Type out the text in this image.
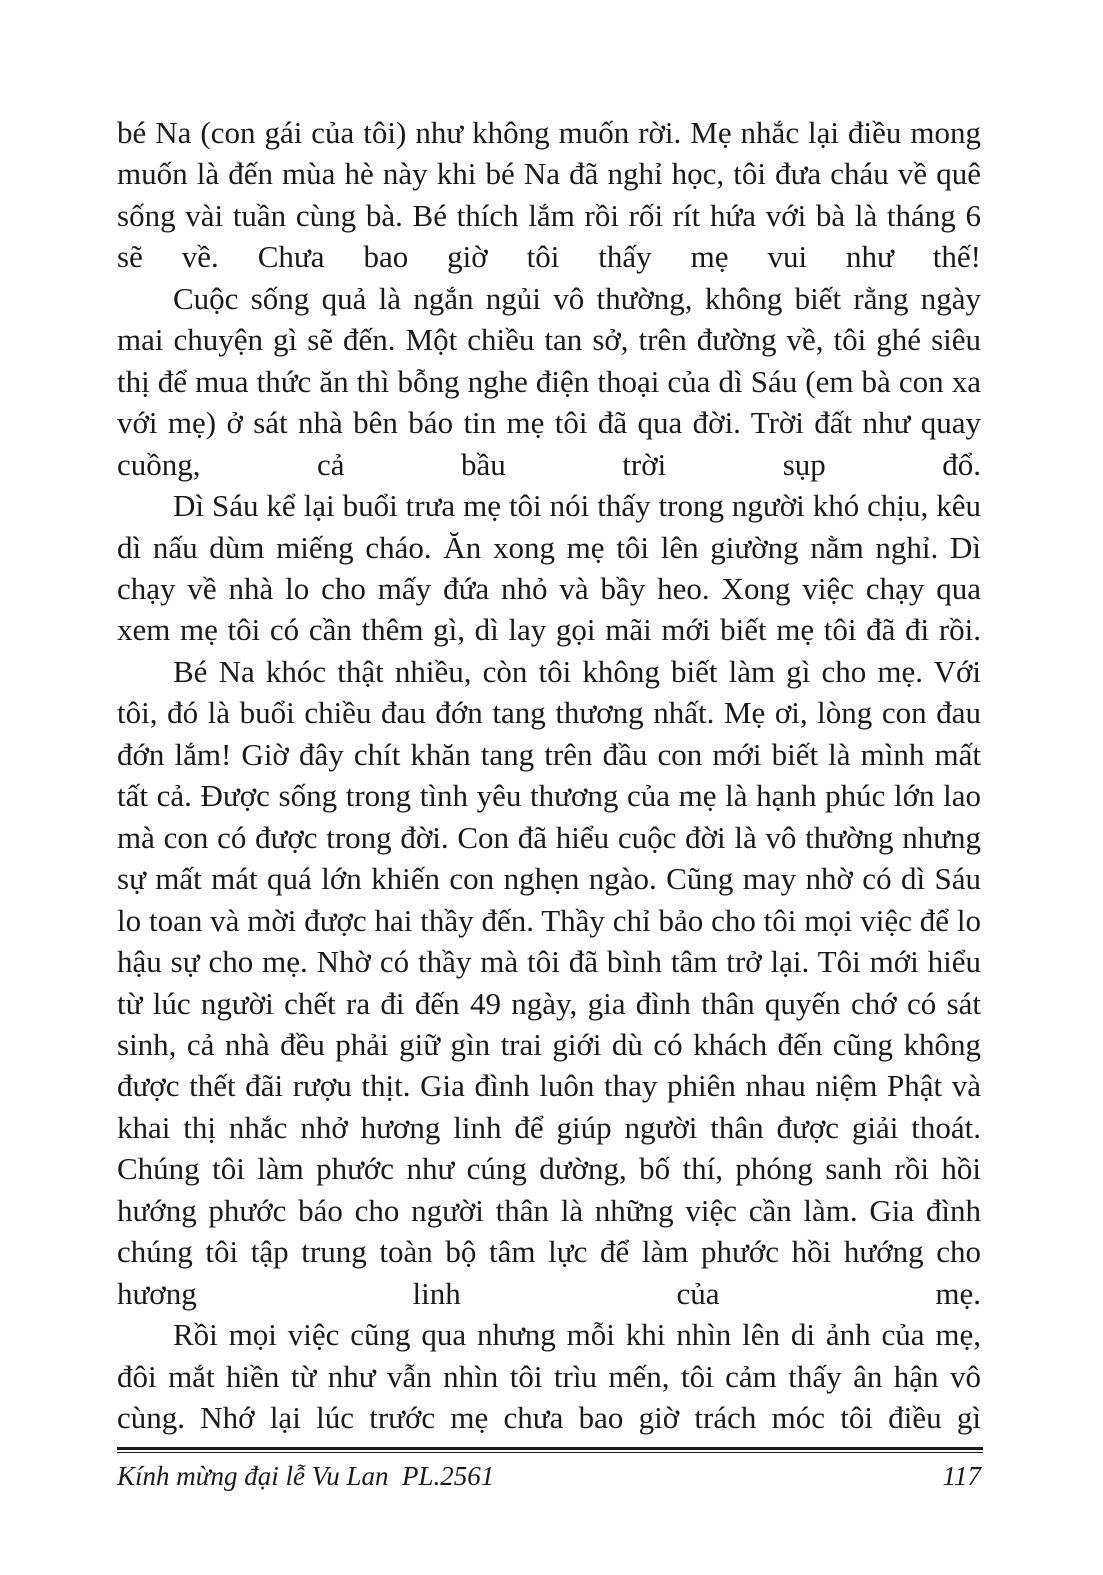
bé Na (con gái của tôi) như không muốn rời. Mẹ nhắc lại điều mong muốn là đến mùa hè này khi bé Na đã nghỉ học, tôi đưa cháu về quê sống vài tuần cùng bà. Bé thích lắm rồi rối rít hứa với bà là tháng 6 sẽ về. Chưa bao giờ tôi thấy mẹ vui như thế!

Cuộc sống quả là ngắn ngủi vô thường, không biết rằng ngày mai chuyện gì sẽ đến. Một chiều tan sở, trên đường về, tôi ghé siêu thị để mua thức ăn thì bỗng nghe điện thoại của dì Sáu (em bà con xa với mẹ) ở sát nhà bên báo tin mẹ tôi đã qua đời. Trời đất như quay cuồng, cả bầu trời sụp đổ.

Dì Sáu kể lại buổi trưa mẹ tôi nói thấy trong người khó chịu, kêu dì nấu dùm miếng cháo. Ăn xong mẹ tôi lên giường nằm nghỉ. Dì chạy về nhà lo cho mấy đứa nhỏ và bầy heo. Xong việc chạy qua xem mẹ tôi có cần thêm gì, dì lay gọi mãi mới biết mẹ tôi đã đi rồi.

Bé Na khóc thật nhiều, còn tôi không biết làm gì cho mẹ. Với tôi, đó là buổi chiều đau đớn tang thương nhất. Mẹ ơi, lòng con đau đớn lắm! Giờ đây chít khăn tang trên đầu con mới biết là mình mất tất cả. Được sống trong tình yêu thương của mẹ là hạnh phúc lớn lao mà con có được trong đời. Con đã hiểu cuộc đời là vô thường nhưng sự mất mát quá lớn khiến con nghẹn ngào. Cũng may nhờ có dì Sáu lo toan và mời được hai thầy đến. Thầy chỉ bảo cho tôi mọi việc để lo hậu sự cho mẹ. Nhờ có thầy mà tôi đã bình tâm trở lại. Tôi mới hiểu từ lúc người chết ra đi đến 49 ngày, gia đình thân quyến chớ có sát sinh, cả nhà đều phải giữ gìn trai giới dù có khách đến cũng không được thết đãi rượu thịt. Gia đình luôn thay phiên nhau niệm Phật và khai thị nhắc nhở hương linh để giúp người thân được giải thoát. Chúng tôi làm phước như cúng dường, bố thí, phóng sanh rồi hồi hướng phước báo cho người thân là những việc cần làm. Gia đình chúng tôi tập trung toàn bộ tâm lực để làm phước hồi hướng cho hương linh của mẹ.

Rồi mọi việc cũng qua nhưng mỗi khi nhìn lên di ảnh của mẹ, đôi mắt hiền từ như vẫn nhìn tôi trìu mến, tôi cảm thấy ân hận vô cùng. Nhớ lại lúc trước mẹ chưa bao giờ trách móc tôi điều gì

Kính mừng đại lễ Vu Lan  PL.2561	117
